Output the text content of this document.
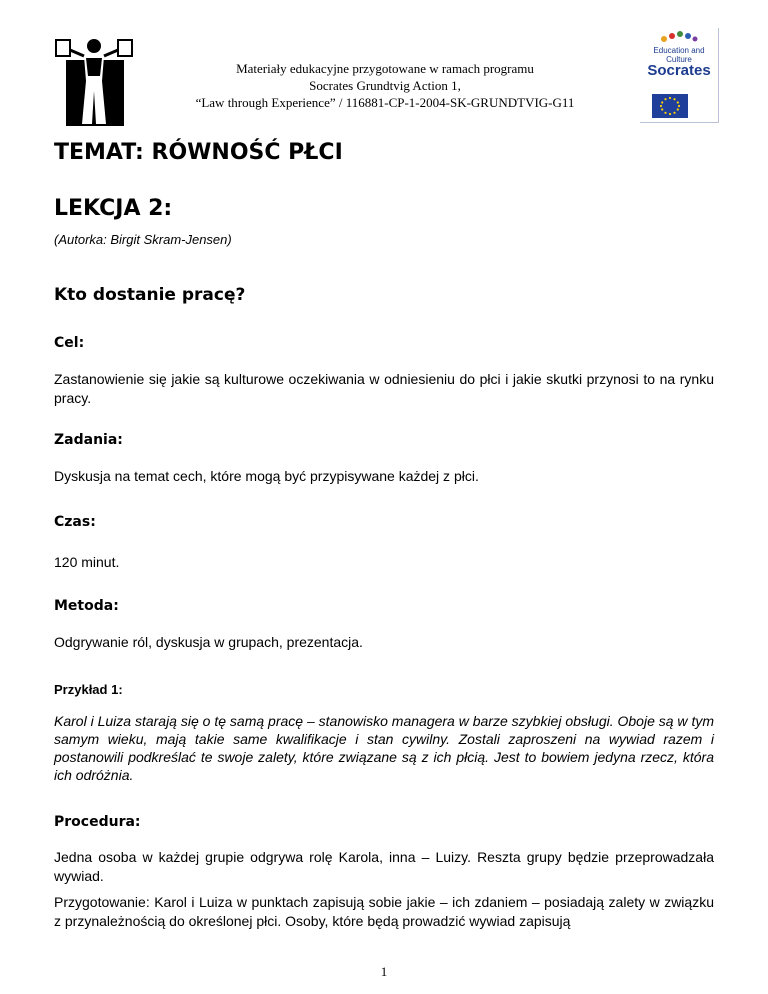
Materiały edukacyjne przygotowane w ramach programu
Socrates Grundtvig Action 1,
“Law through Experience” / 116881-CP-1-2004-SK-GRUNDTVIG-G11
Education and Culture
Socrates
TEMAT: RÓWNOŚĆ PŁCI
LEKCJA 2:
(Autorka: Birgit Skram-Jensen)
Kto dostanie pracę?
Cel:
Zastanowienie się jakie są kulturowe oczekiwania w odniesieniu do płci i jakie skutki przynosi to na rynku pracy.
Zadania:
Dyskusja na temat cech, które mogą być przypisywane każdej z płci.
Czas:
120 minut.
Metoda:
Odgrywanie ról, dyskusja w grupach, prezentacja.
Przykład 1:
Karol i Luiza starają się o tę samą pracę – stanowisko managera w barze szybkiej obsługi. Oboje są w tym samym wieku, mają takie same kwalifikacje i stan cywilny. Zostali zaproszeni na wywiad razem i postanowili podkreślać te swoje zalety, które związane są z ich płcią. Jest to bowiem jedyna rzecz, która ich odróżnia.
Procedura:
Jedna osoba w każdej grupie odgrywa rolę Karola, inna – Luizy. Reszta grupy będzie przeprowadzała wywiad.
Przygotowanie: Karol i Luiza w punktach zapisują sobie jakie – ich zdaniem – posiadają zalety w związku z przynależnością do określonej płci. Osoby, które będą prowadzić wywiad zapisują
1
